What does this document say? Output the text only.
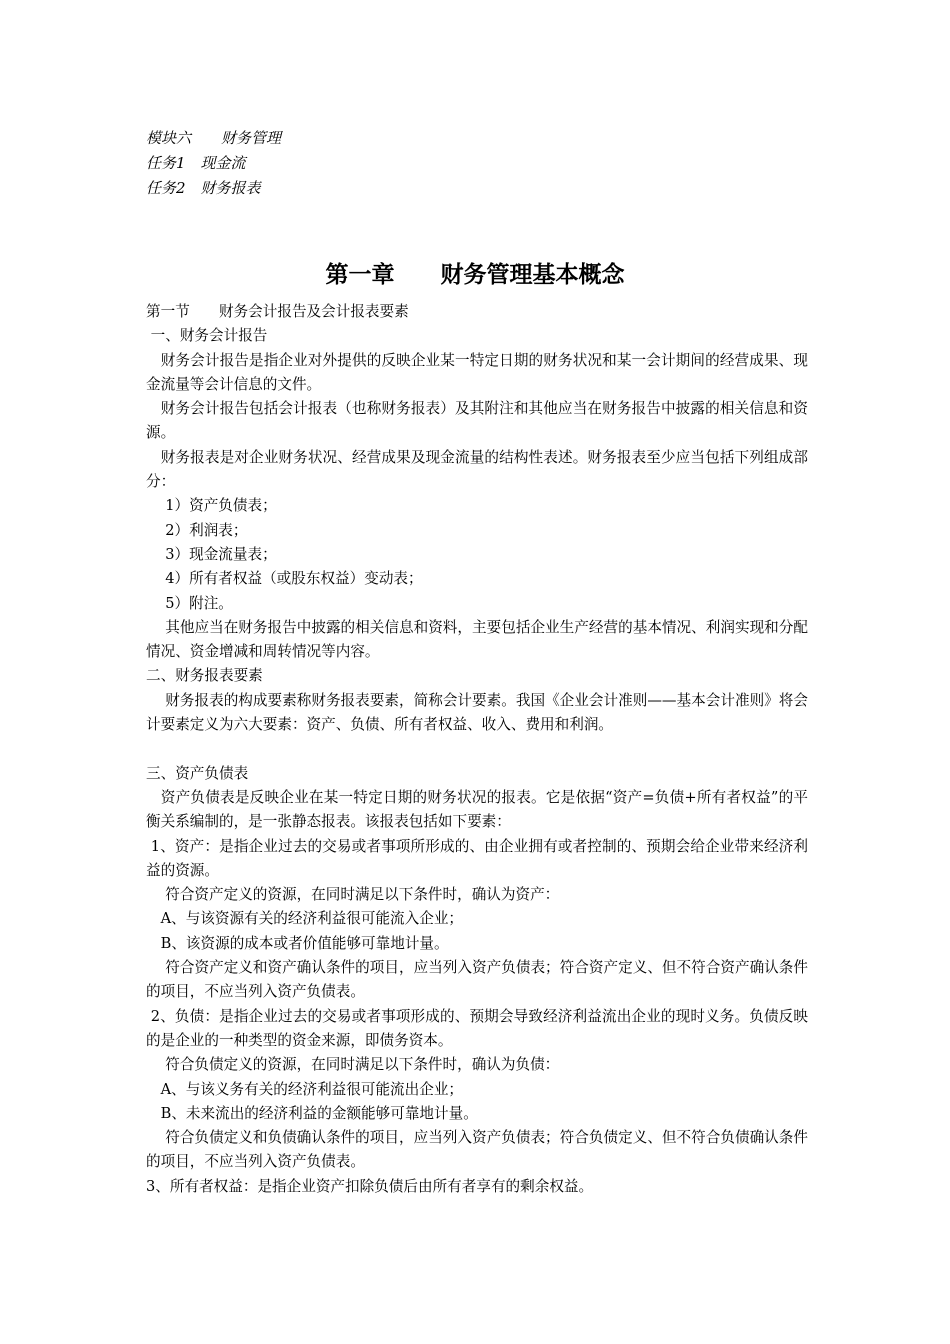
模块六　　财务管理
任务1　现金流
任务2　财务报表
第一章　　财务管理基本概念
第一节　　财务会计报告及会计报表要素
一、财务会计报告
　财务会计报告是指企业对外提供的反映企业某一特定日期的财务状况和某一会计期间的经营成果、现金流量等会计信息的文件。
　财务会计报告包括会计报表（也称财务报表）及其附注和其他应当在财务报告中披露的相关信息和资源。
　财务报表是对企业财务状况、经营成果及现金流量的结构性表述。财务报表至少应当包括下列组成部分：
　 1）资产负债表；
　 2）利润表；
　 3）现金流量表；
　 4）所有者权益（或股东权益）变动表；
　 5）附注。
　 其他应当在财务报告中披露的相关信息和资料，主要包括企业生产经营的基本情况、利润实现和分配情况、资金增减和周转情况等内容。
二、财务报表要素
　 财务报表的构成要素称财务报表要素，简称会计要素。我国《企业会计准则——基本会计准则》将会计要素定义为六大要素：资产、负债、所有者权益、收入、费用和利润。
三、资产负债表
　资产负债表是反映企业在某一特定日期的财务状况的报表。它是依据“资产=负债+所有者权益”的平衡关系编制的，是一张静态报表。该报表包括如下要素：
1、资产：是指企业过去的交易或者事项所形成的、由企业拥有或者控制的、预期会给企业带来经济利益的资源。
　 符合资产定义的资源，在同时满足以下条件时，确认为资产：
　A、与该资源有关的经济利益很可能流入企业；
　B、该资源的成本或者价值能够可靠地计量。
　 符合资产定义和资产确认条件的项目，应当列入资产负债表；符合资产定义、但不符合资产确认条件的项目，不应当列入资产负债表。
2、负债：是指企业过去的交易或者事项形成的、预期会导致经济利益流出企业的现时义务。负债反映的是企业的一种类型的资金来源，即债务资本。
　 符合负债定义的资源，在同时满足以下条件时，确认为负债：
　A、与该义务有关的经济利益很可能流出企业；
　B、未来流出的经济利益的金额能够可靠地计量。
　 符合负债定义和负债确认条件的项目，应当列入资产负债表；符合负债定义、但不符合负债确认条件的项目，不应当列入资产负债表。
3、所有者权益：是指企业资产扣除负债后由所有者享有的剩余权益。
